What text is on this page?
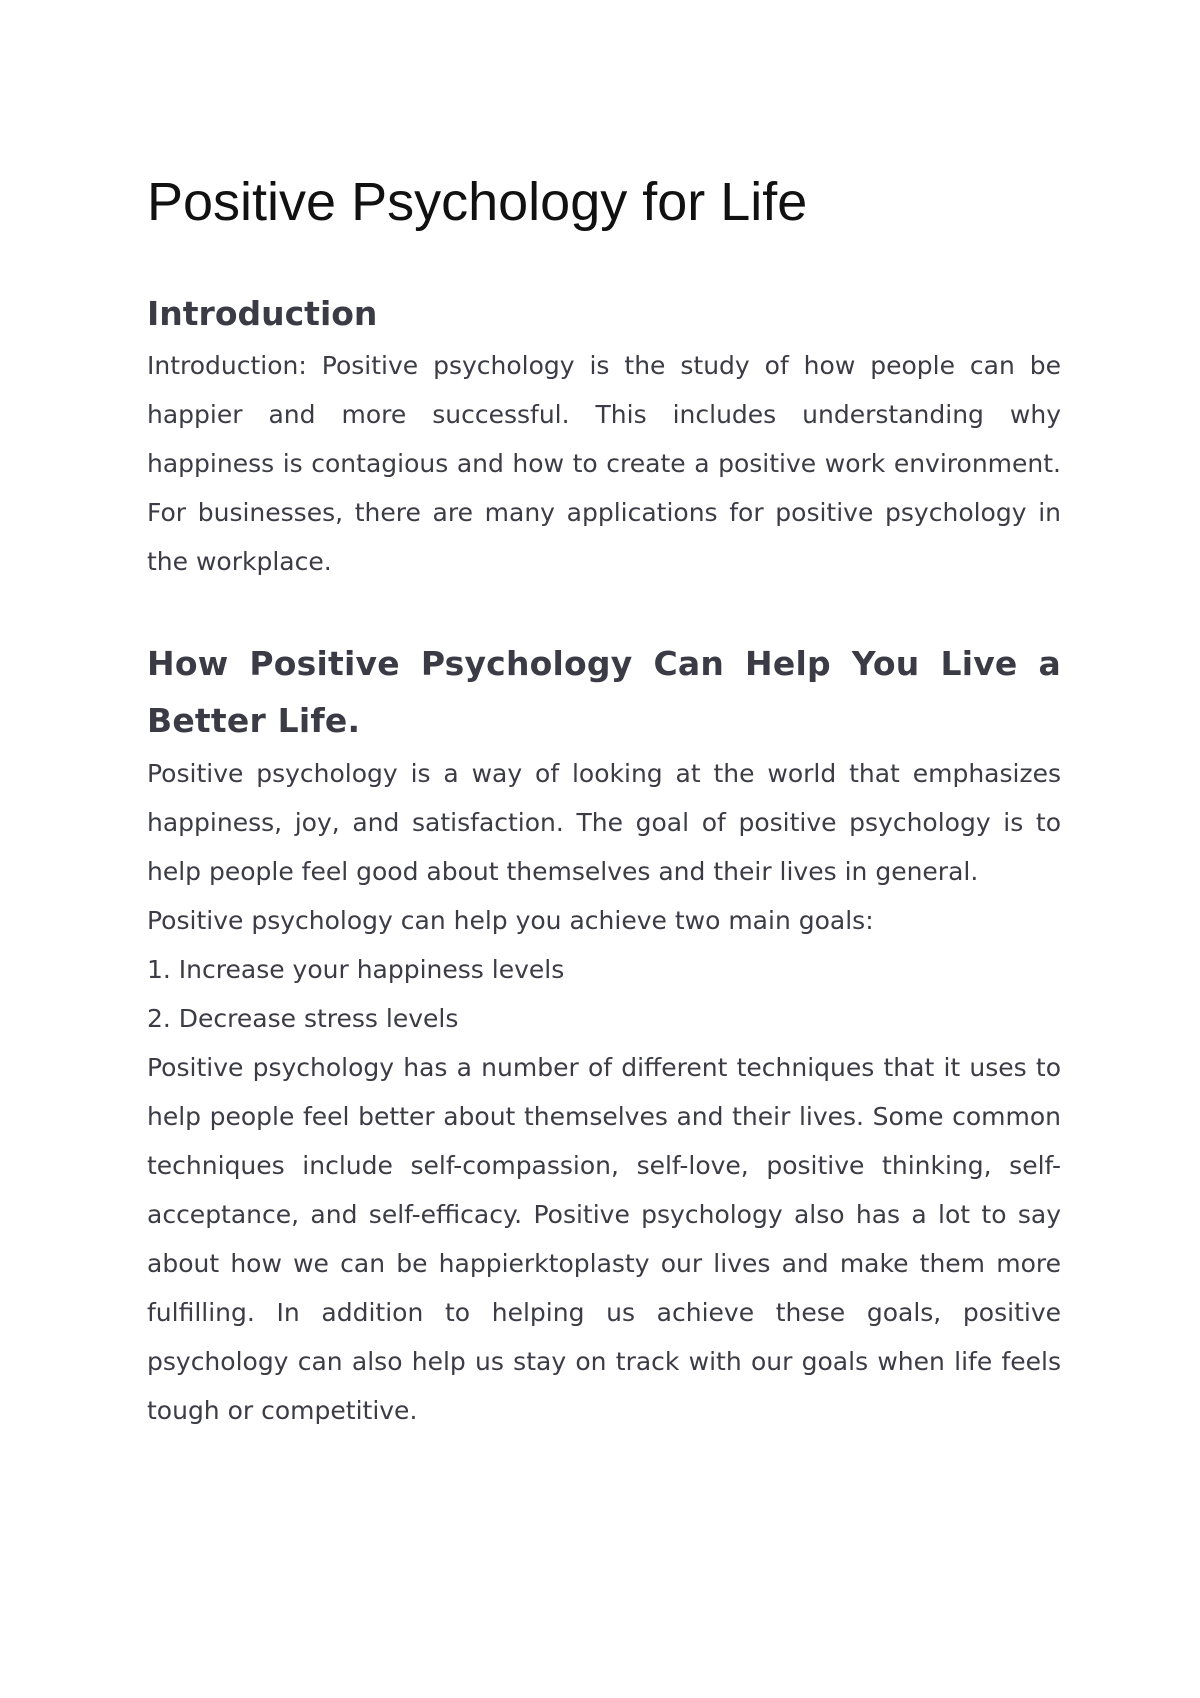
Positive Psychology for Life
Introduction

Introduction: Positive psychology is the study of how people can be happier and more successful. This includes understanding why happiness is contagious and how to create a positive work environment. For businesses, there are many applications for positive psychology in the workplace.

How Positive Psychology Can Help You Live a Better Life.

Positive psychology is a way of looking at the world that emphasizes happiness, joy, and satisfaction. The goal of positive psychology is to help people feel good about themselves and their lives in general.

Positive psychology can help you achieve two main goals:

1. Increase your happiness levels

2. Decrease stress levels

Positive psychology has a number of different techniques that it uses to help people feel better about themselves and their lives. Some common techniques include self-compassion, self-love, positive thinking, self-acceptance, and self-efficacy. Positive psychology also has a lot to say about how we can be happierktoplasty our lives and make them more fulfilling. In addition to helping us achieve these goals, positive psychology can also help us stay on track with our goals when life feels tough or competitive.
